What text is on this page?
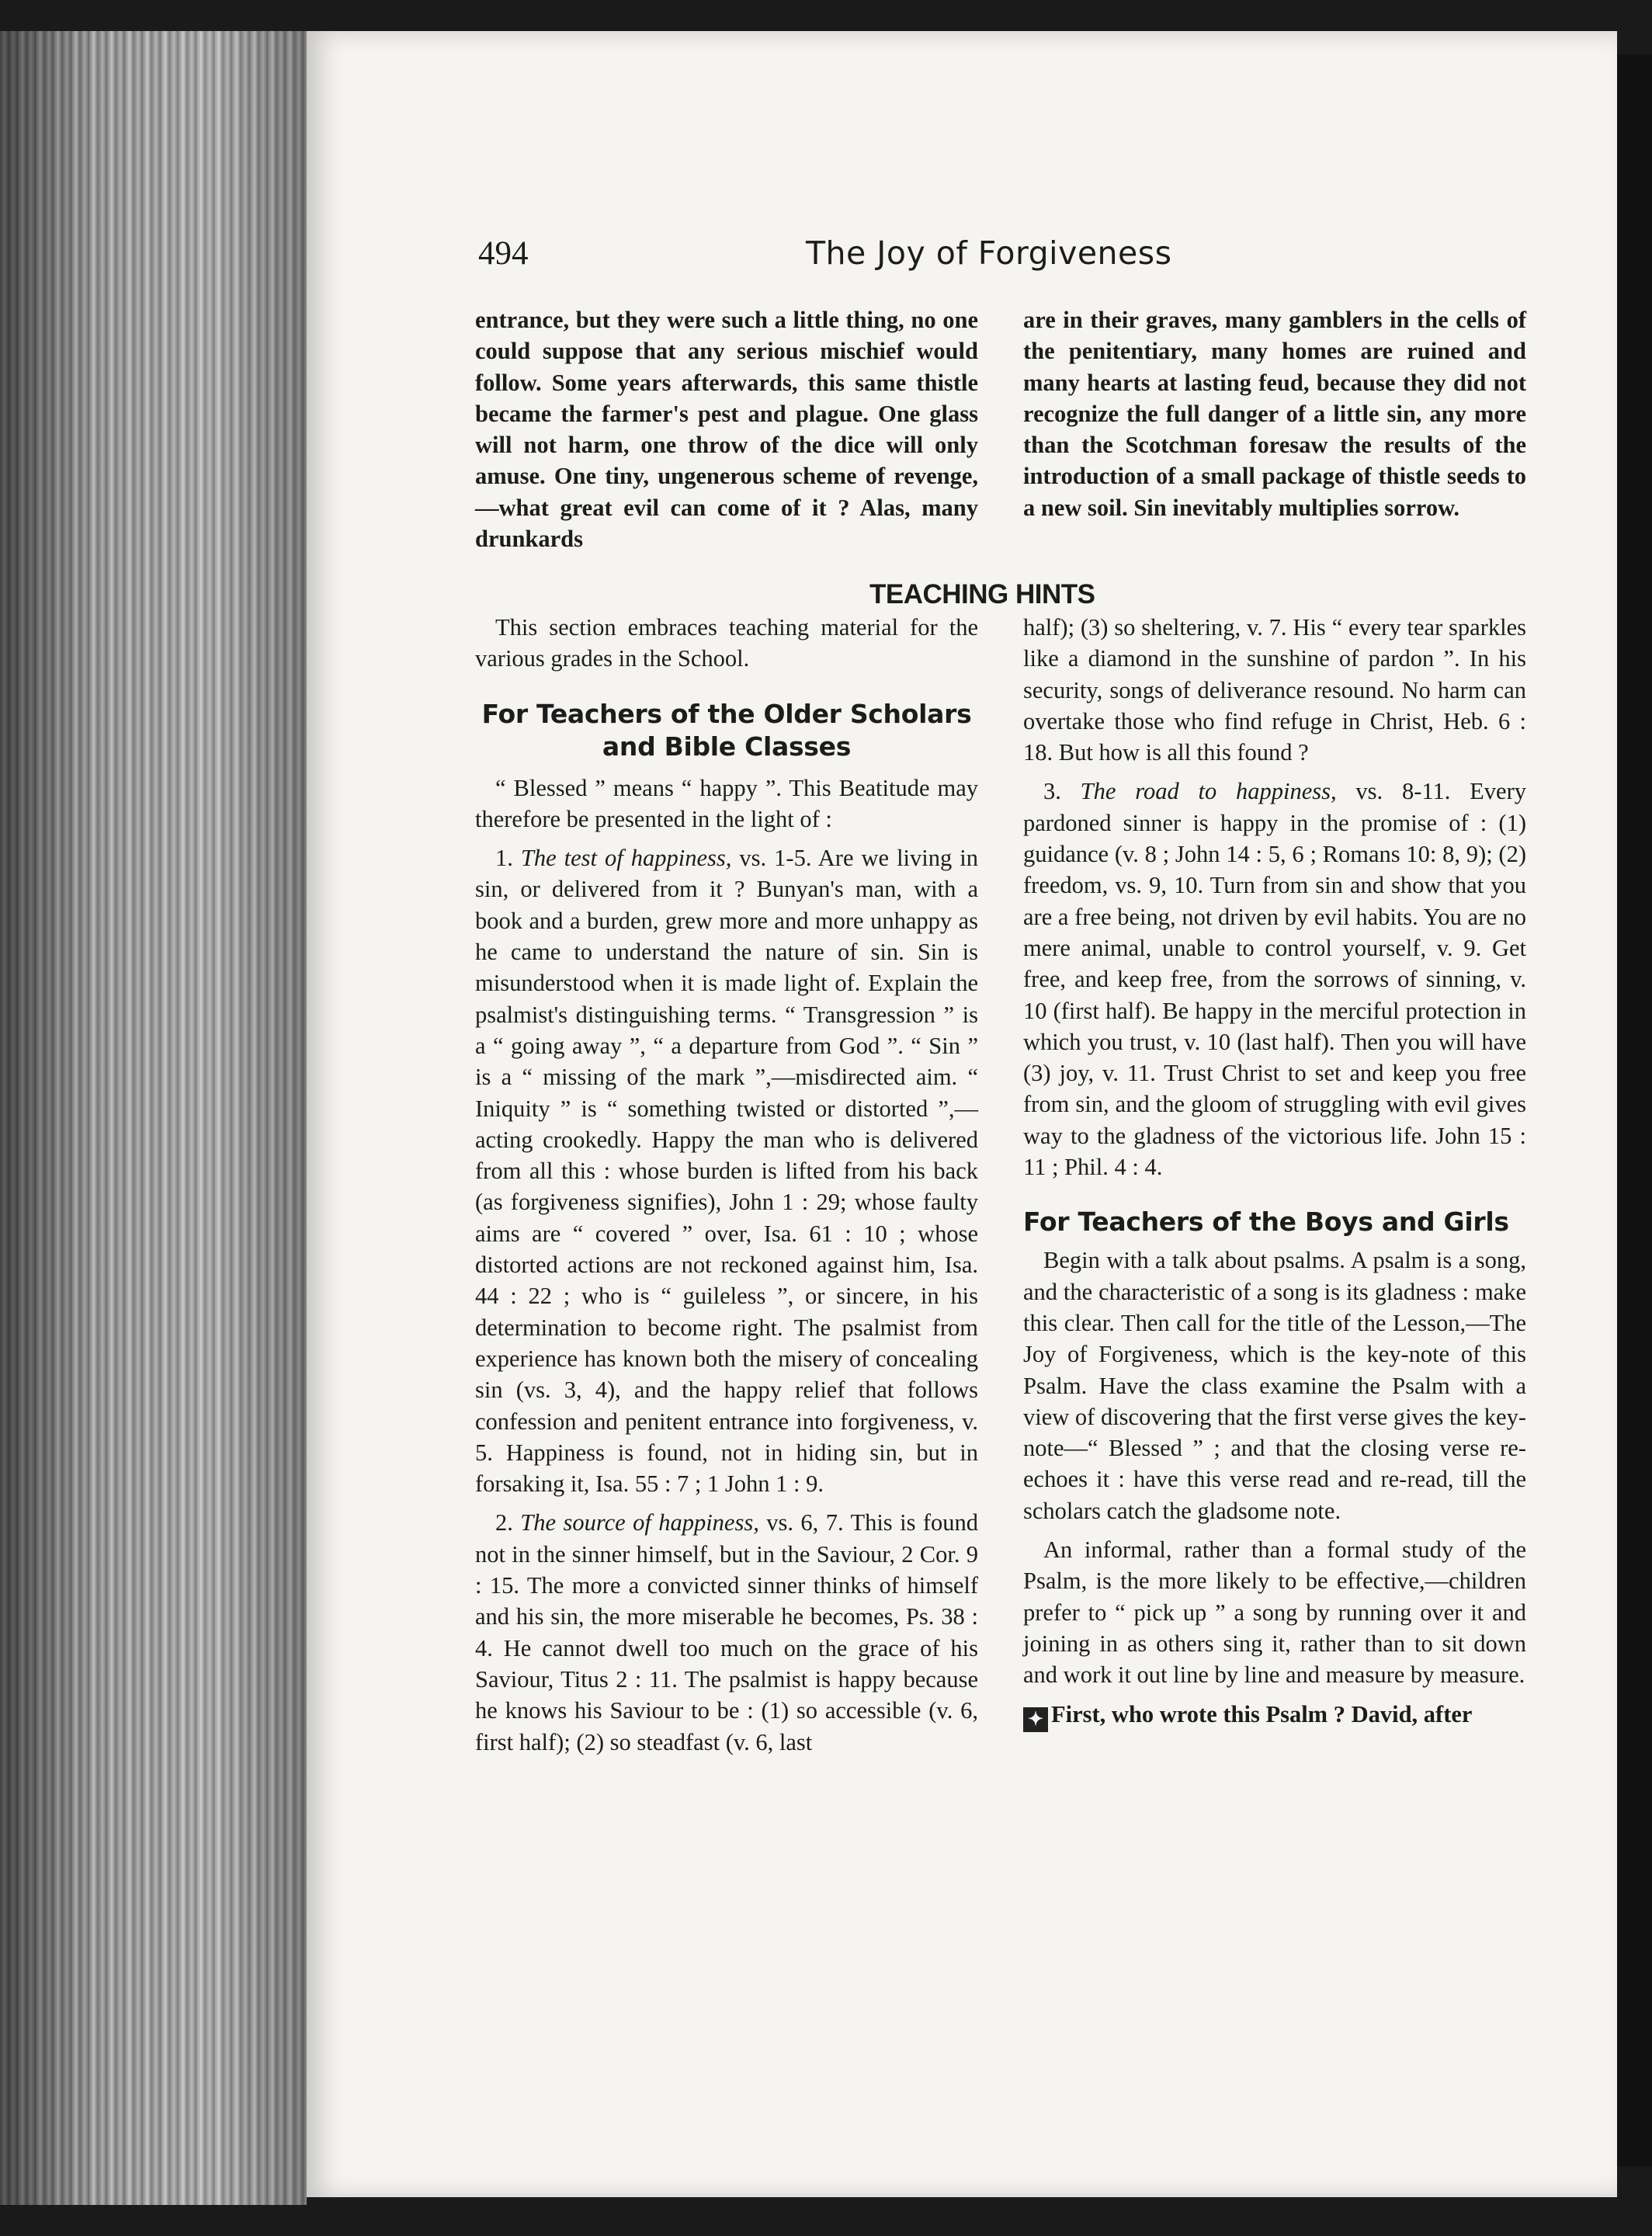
494	The Joy of Forgiveness

entrance, but they were such a little thing, no one could suppose that any serious mischief would follow. Some years afterwards, this same thistle became the farmer's pest and plague. One glass will not harm, one throw of the dice will only amuse. One tiny, ungenerous scheme of revenge,—what great evil can come of it ? Alas, many drunkards

are in their graves, many gamblers in the cells of the penitentiary, many homes are ruined and many hearts at lasting feud, because they did not recognize the full danger of a little sin, any more than the Scotchman foresaw the results of the introduction of a small package of thistle seeds to a new soil. Sin inevitably multiplies sorrow.

TEACHING HINTS

This section embraces teaching material for the various grades in the School.

For Teachers of the Older Scholars
and Bible Classes

“ Blessed ” means “ happy ”. This Beatitude may therefore be presented in the light of :

1. The test of happiness, vs. 1-5. Are we living in sin, or delivered from it ? Bunyan's man, with a book and a burden, grew more and more unhappy as he came to understand the nature of sin. Sin is misunderstood when it is made light of. Explain the psalmist's distinguishing terms. “ Transgression ” is a “ going away ”, “ a departure from God ”. “ Sin ” is a “ missing of the mark ”,—misdirected aim. “ Iniquity ” is “ something twisted or distorted ”,—acting crookedly. Happy the man who is delivered from all this : whose burden is lifted from his back (as forgiveness signifies), John 1 : 29; whose faulty aims are “ covered ” over, Isa. 61 : 10 ; whose distorted actions are not reckoned against him, Isa. 44 : 22 ; who is “ guileless ”, or sincere, in his determination to become right. The psalmist from experience has known both the misery of concealing sin (vs. 3, 4), and the happy relief that follows confession and penitent entrance into forgiveness, v. 5. Happiness is found, not in hiding sin, but in forsaking it, Isa. 55 : 7 ; 1 John 1 : 9.

2. The source of happiness, vs. 6, 7. This is found not in the sinner himself, but in the Saviour, 2 Cor. 9 : 15. The more a convicted sinner thinks of himself and his sin, the more miserable he becomes, Ps. 38 : 4. He cannot dwell too much on the grace of his Saviour, Titus 2 : 11. The psalmist is happy because he knows his Saviour to be : (1) so accessible (v. 6, first half); (2) so steadfast (v. 6, last

half); (3) so sheltering, v. 7. His “ every tear sparkles like a diamond in the sunshine of pardon ”. In his security, songs of deliverance resound. No harm can overtake those who find refuge in Christ, Heb. 6 : 18. But how is all this found ?

3. The road to happiness, vs. 8-11. Every pardoned sinner is happy in the promise of : (1) guidance (v. 8 ; John 14 : 5, 6 ; Romans 10: 8, 9); (2) freedom, vs. 9, 10. Turn from sin and show that you are a free being, not driven by evil habits. You are no mere animal, unable to control yourself, v. 9. Get free, and keep free, from the sorrows of sinning, v. 10 (first half). Be happy in the merciful protection in which you trust, v. 10 (last half). Then you will have (3) joy, v. 11. Trust Christ to set and keep you free from sin, and the gloom of struggling with evil gives way to the gladness of the victorious life. John 15 : 11 ; Phil. 4 : 4.

For Teachers of the Boys and Girls

Begin with a talk about psalms. A psalm is a song, and the characteristic of a song is its gladness : make this clear. Then call for the title of the Lesson,—The Joy of Forgiveness, which is the key-note of this Psalm. Have the class examine the Psalm with a view of discovering that the first verse gives the key-note—“ Blessed ” ; and that the closing verse re-echoes it : have this verse read and re-read, till the scholars catch the gladsome note.

An informal, rather than a formal study of the Psalm, is the more likely to be effective,—children prefer to “ pick up ” a song by running over it and joining in as others sing it, rather than to sit down and work it out line by line and measure by measure.

✦ First, who wrote this Psalm ? David, after
